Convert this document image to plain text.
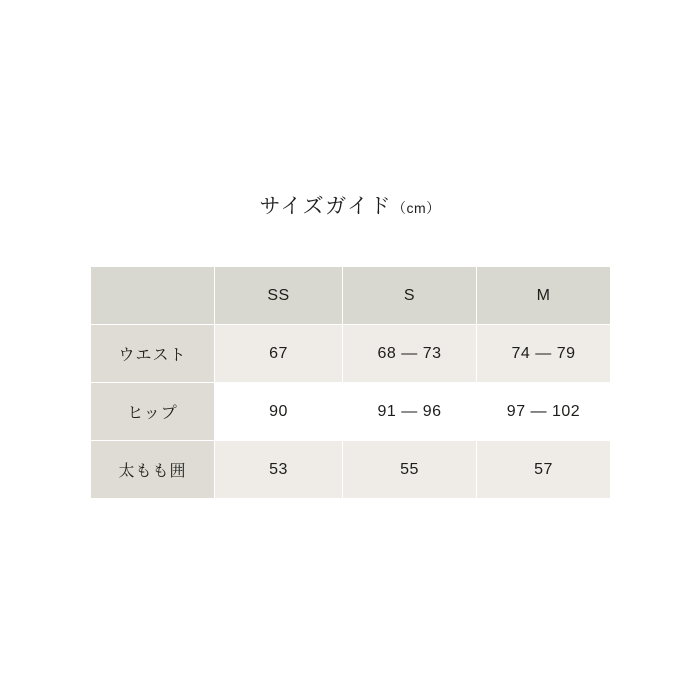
サイズガイド（cm）
	SS	S	M
ウエスト	67	68 — 73	74 — 79
ヒップ	90	91 — 96	97 — 102
太もも囲	53	55	57
